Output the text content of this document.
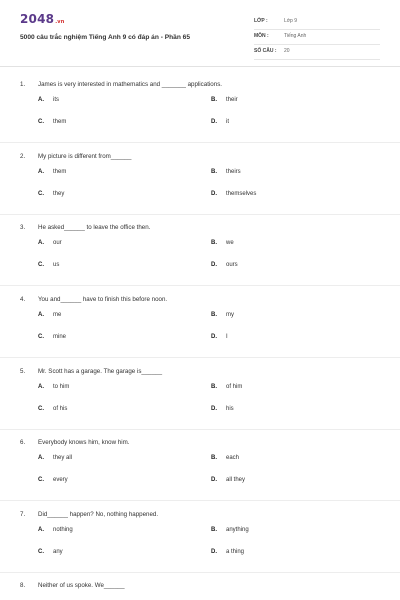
2048.vn
5000 câu trắc nghiệm Tiếng Anh 9 có đáp án - Phần 65
LỚP :	Lớp 9
MÔN :	Tiếng Anh
SỐ CÂU : 20
1. James is very interested in mathematics and _______ applications.
A. its	B. their
C. them	D. it
2. My picture is different from______
A. them	B. theirs
C. they	D. themselves
3. He asked______ to leave the office then.
A. our	B. we
C. us	D. ours
4. You and______ have to finish this before noon.
A. me	B. my
C. mine	D. I
5. Mr. Scott has a garage. The garage is______
A. to him	B. of him
C. of his	D. his
6. Everybody knows him, know him.
A. they all	B. each
C. every	D. all they
7. Did______ happen? No, nothing happened.
A. nothing	B. anything
C. any	D. a thing
8. Neither of us spoke. We______
